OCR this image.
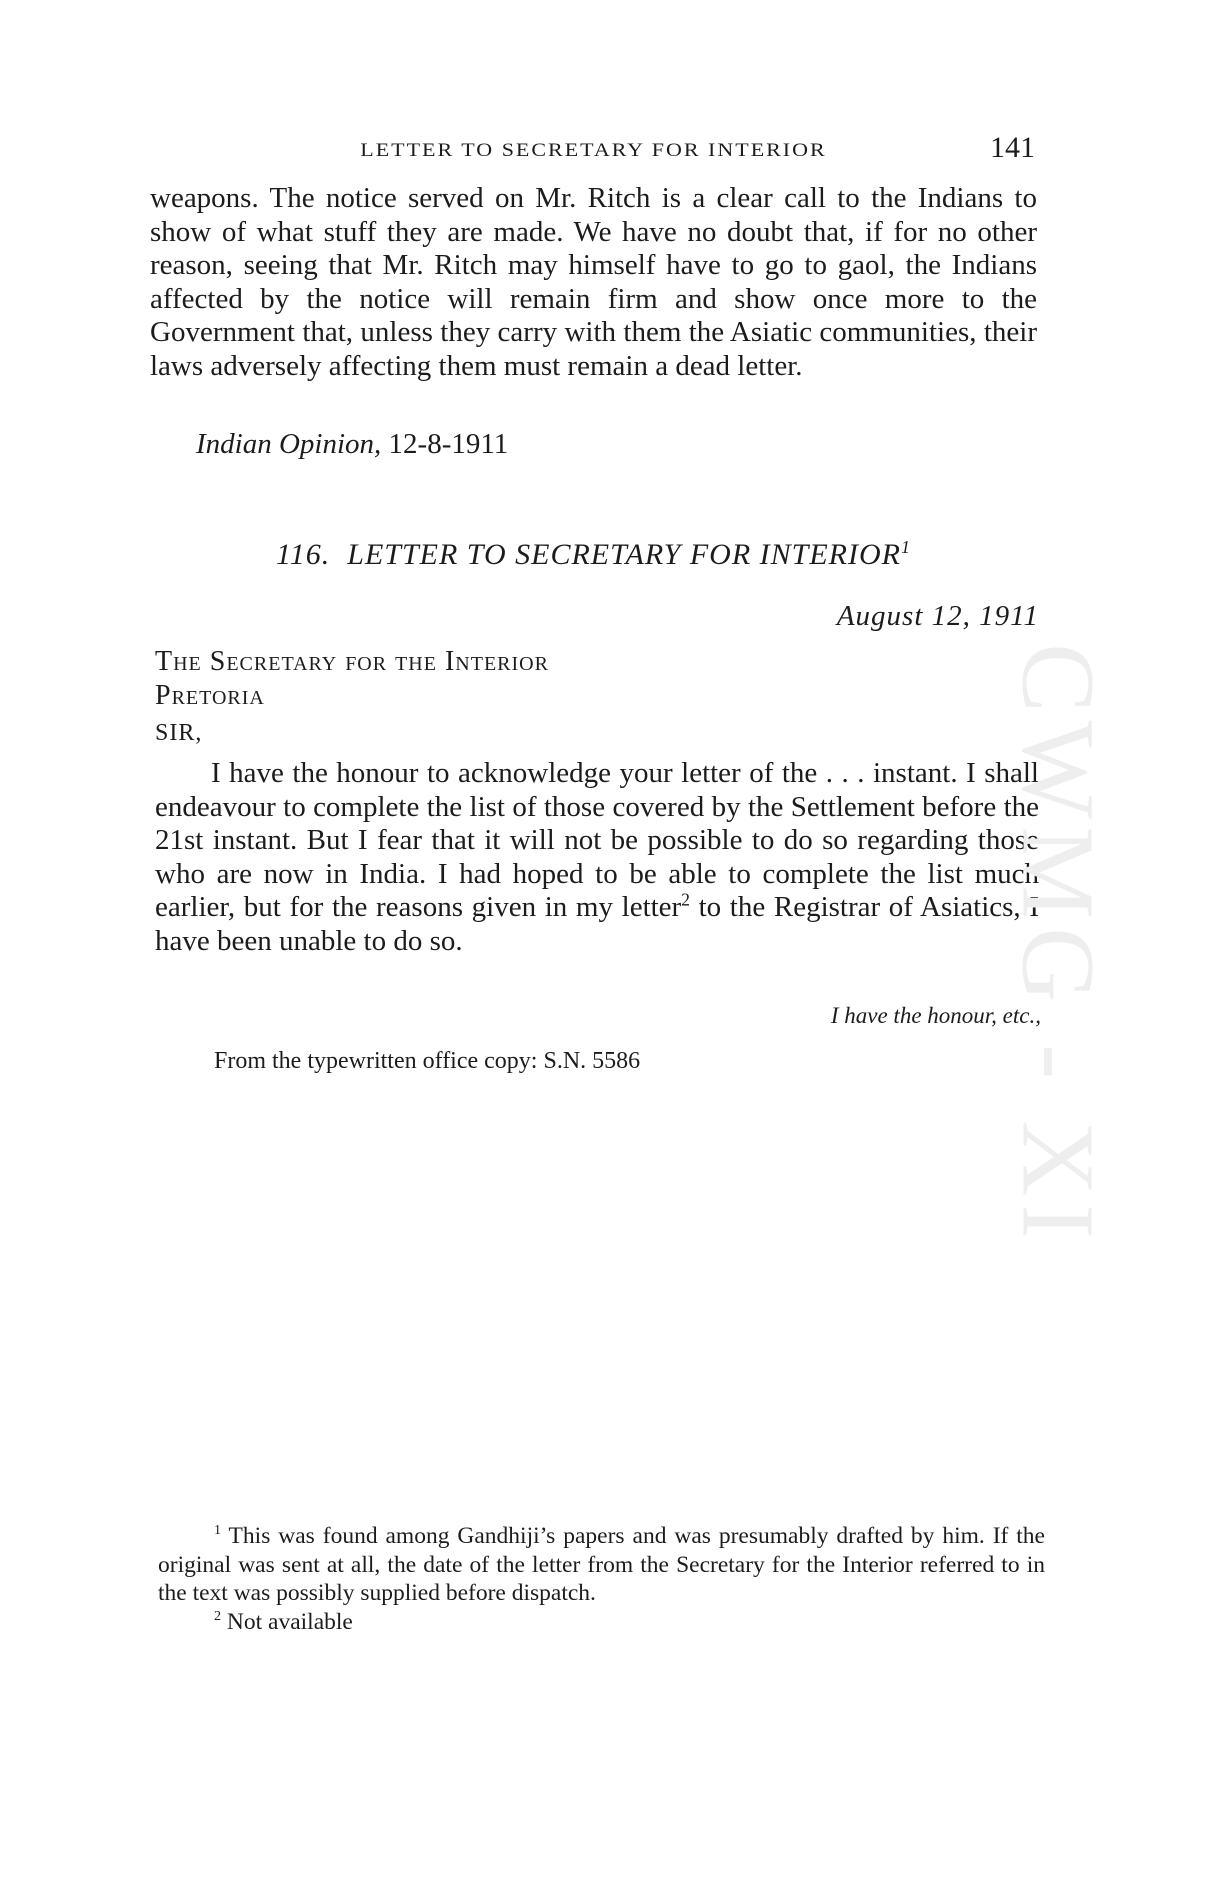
LETTER TO SECRETARY FOR INTERIOR	141

weapons. The notice served on Mr. Ritch is a clear call to the Indians to show of what stuff they are made. We have no doubt that, if for no other reason, seeing that Mr. Ritch may himself have to go to gaol, the Indians affected by the notice will remain firm and show once more to the Government that, unless they carry with them the Asiatic communities, their laws adversely affecting them must remain a dead letter.

Indian Opinion, 12-8-1911

116. LETTER TO SECRETARY FOR INTERIOR$^1$

August 12, 1911

The Secretary for the Interior

Pretoria

SIR,

I have the honour to acknowledge your letter of the . . . instant. I shall endeavour to complete the list of those covered by the Settlement before the 21st instant. But I fear that it will not be possible to do so regarding those who are now in India. I had hoped to be able to complete the list much earlier, but for the reasons given in my letter$^2$ to the Registrar of Asiatics, I have been unable to do so.

I have the honour, etc.,

From the typewritten office copy: S.N. 5586

$^1$ This was found among Gandhiji’s papers and was presumably drafted by him. If the original was sent at all, the date of the letter from the Secretary for the Interior referred to in the text was possibly supplied before dispatch.

$^2$ Not available

CWMG - XI
